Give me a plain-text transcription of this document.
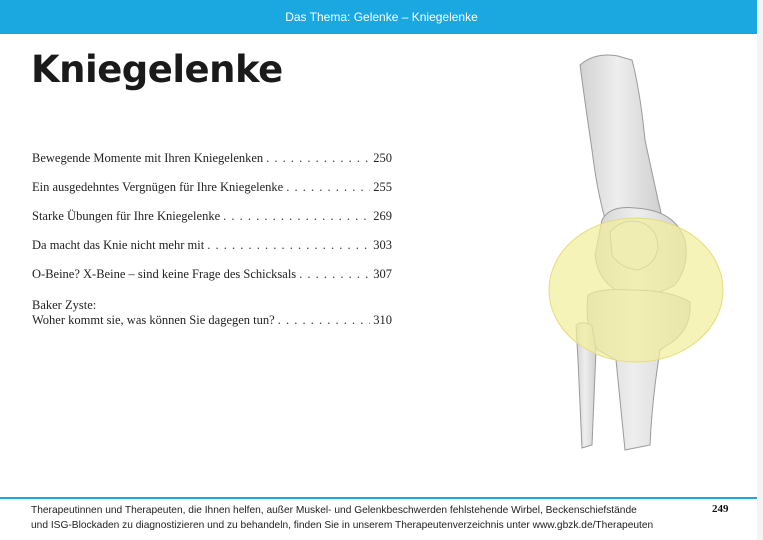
Das Thema: Gelenke – Kniegelenke
Kniegelenke
Bewegende Momente mit Ihren Kniegelenken . . .	250
Ein ausgedehntes Vergnügen für Ihre Kniegelenke . . .	255
Starke Übungen für Ihre Kniegelenke . . .	269
Da macht das Knie nicht mehr mit . . .	303
O-Beine? X-Beine – sind keine Frage des Schicksals . . .	307
Baker Zyste:
Woher kommt sie, was können Sie dagegen tun? . . .	310
Therapeutinnen und Therapeuten, die Ihnen helfen, außer Muskel- und Gelenkbeschwerden fehlstehende Wirbel, Beckenschiefstände
und ISG-Blockaden zu diagnostizieren und zu behandeln, finden Sie in unserem Therapeutenverzeichnis unter www.gbzk.de/Therapeuten
249
